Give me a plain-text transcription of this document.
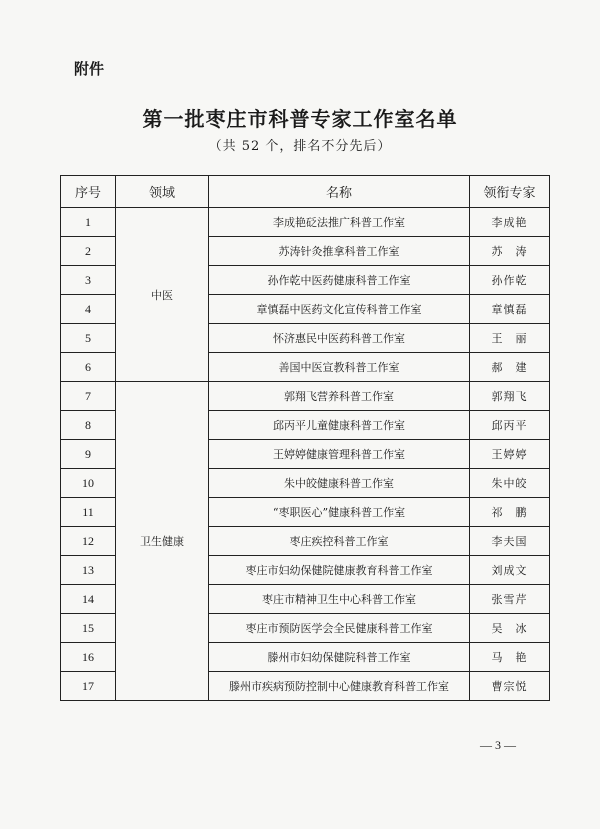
附件
第一批枣庄市科普专家工作室名单
（共 52 个，排名不分先后）
序号	领域	名称	领衔专家
1	中医	李成艳砭法推广科普工作室	李成艳
2		苏涛针灸推拿科普工作室	苏　涛
3		孙作乾中医药健康科普工作室	孙作乾
4		章慎磊中医药文化宣传科普工作室	章慎磊
5		怀济惠民中医药科普工作室	王　丽
6		善国中医宣教科普工作室	郝　建
7	卫生健康	郭翔飞营养科普工作室	郭翔飞
8		邱丙平儿童健康科普工作室	邱丙平
9		王婷婷健康管理科普工作室	王婷婷
10		朱中皎健康科普工作室	朱中皎
11		“枣职医心”健康科普工作室	祁　鹏
12		枣庄疾控科普工作室	李夫国
13		枣庄市妇幼保健院健康教育科普工作室	刘成文
14		枣庄市精神卫生中心科普工作室	张雪芹
15		枣庄市预防医学会全民健康科普工作室	吴　冰
16		滕州市妇幼保健院科普工作室	马　艳
17		滕州市疾病预防控制中心健康教育科普工作室	曹宗悦
— 3 —
